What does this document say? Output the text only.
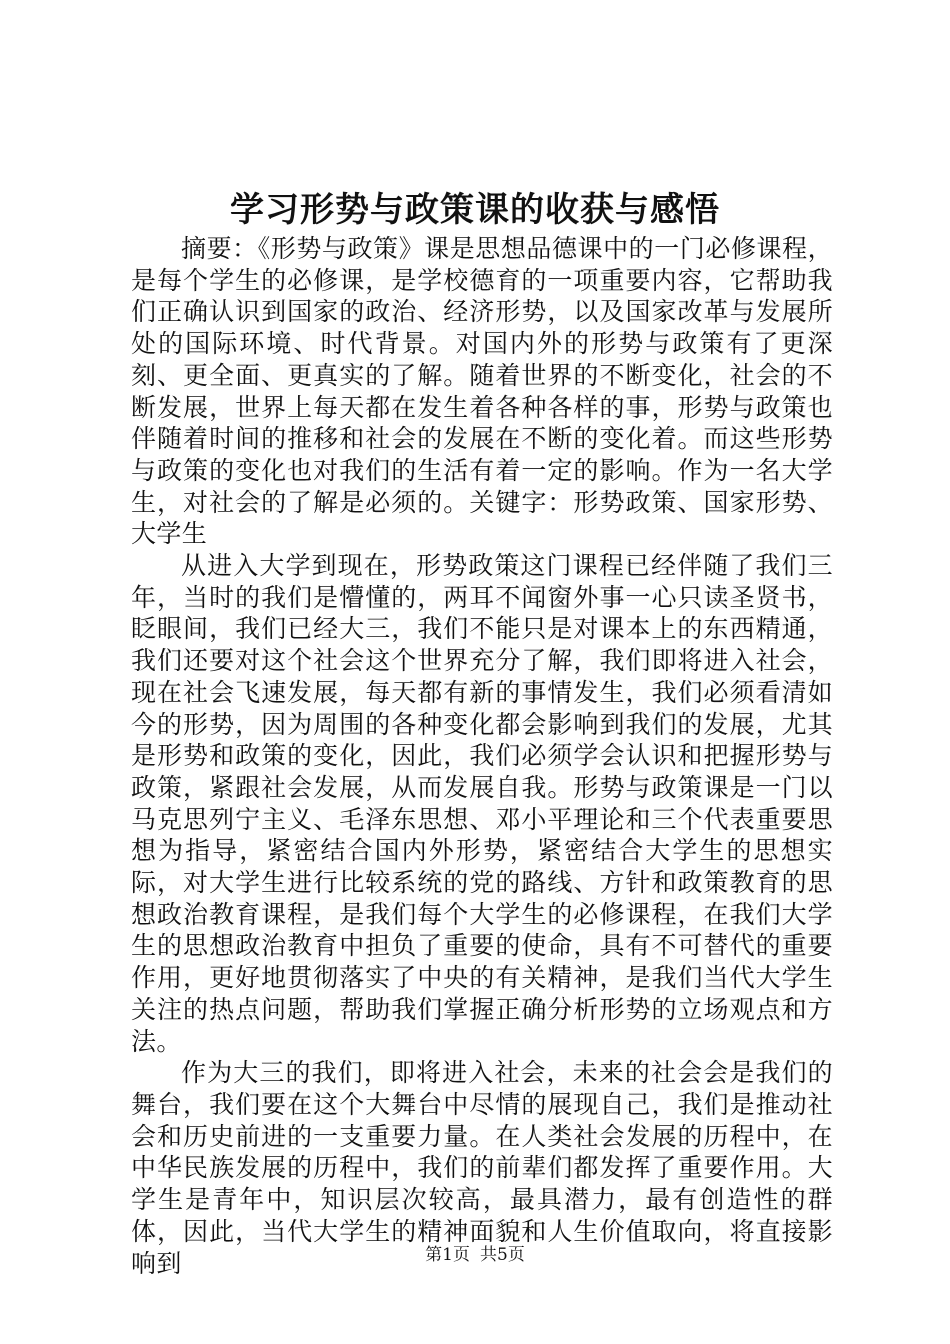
学习形势与政策课的收获与感悟

摘要：《形势与政策》课是思想品德课中的一门必修课程，是每个学生的必修课，是学校德育的一项重要内容，它帮助我们正确认识到国家的政治、经济形势，以及国家改革与发展所处的国际环境、时代背景。对国内外的形势与政策有了更深刻、更全面、更真实的了解。随着世界的不断变化，社会的不断发展，世界上每天都在发生着各种各样的事，形势与政策也伴随着时间的推移和社会的发展在不断的变化着。而这些形势与政策的变化也对我们的生活有着一定的影响。作为一名大学生，对社会的了解是必须的。关键字：形势政策、国家形势、大学生

从进入大学到现在，形势政策这门课程已经伴随了我们三年，当时的我们是懵懂的，两耳不闻窗外事一心只读圣贤书，眨眼间，我们已经大三，我们不能只是对课本上的东西精通，我们还要对这个社会这个世界充分了解，我们即将进入社会，现在社会飞速发展，每天都有新的事情发生，我们必须看清如今的形势，因为周围的各种变化都会影响到我们的发展，尤其是形势和政策的变化，因此，我们必须学会认识和把握形势与政策，紧跟社会发展，从而发展自我。形势与政策课是一门以马克思列宁主义、毛泽东思想、邓小平理论和三个代表重要思想为指导，紧密结合国内外形势，紧密结合大学生的思想实际，对大学生进行比较系统的党的路线、方针和政策教育的思想政治教育课程，是我们每个大学生的必修课程，在我们大学生的思想政治教育中担负了重要的使命，具有不可替代的重要作用，更好地贯彻落实了中央的有关精神，是我们当代大学生关注的热点问题，帮助我们掌握正确分析形势的立场观点和方法。

作为大三的我们，即将进入社会，未来的社会会是我们的舞台，我们要在这个大舞台中尽情的展现自己，我们是推动社会和历史前进的一支重要力量。在人类社会发展的历程中，在中华民族发展的历程中，我们的前辈们都发挥了重要作用。大学生是青年中，知识层次较高，最具潜力，最有创造性的群体，因此，当代大学生的精神面貌和人生价值取向，将直接影响到	第1页 共5页
